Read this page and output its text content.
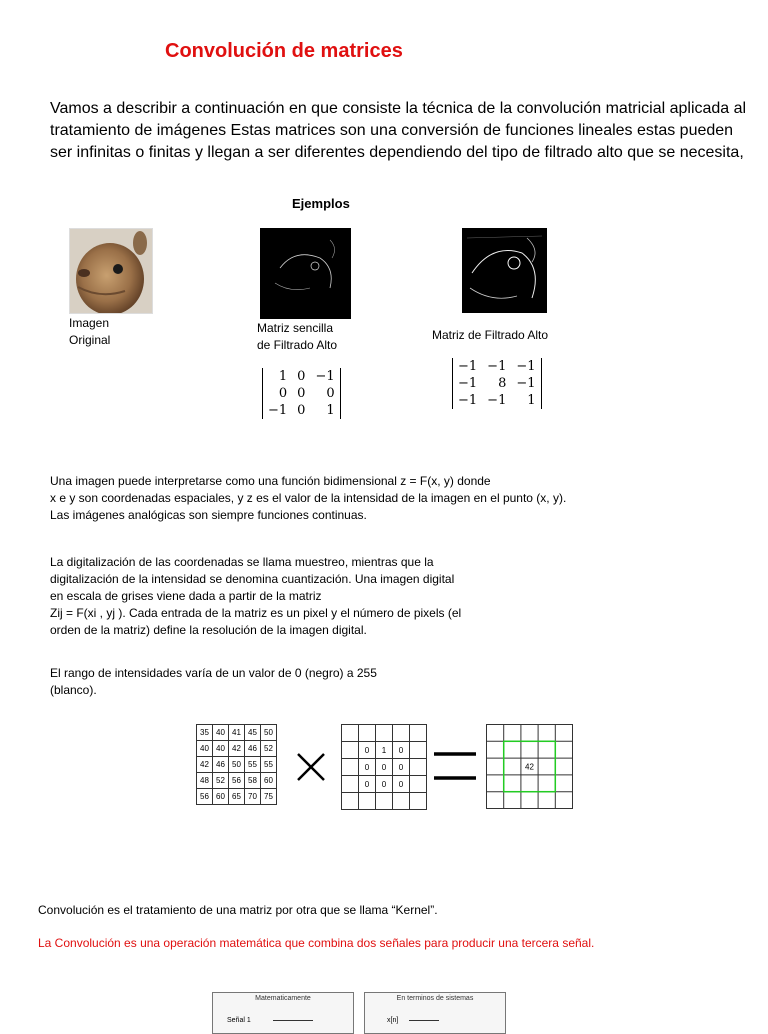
Convolución de matrices
Vamos a describir a continuación en que consiste la técnica de la convolución matricial aplicada al tratamiento de imágenes Estas matrices son una conversión de funciones lineales estas pueden ser infinitas o finitas y llegan a ser diferentes dependiendo del tipo de filtrado alto que se necesita,
Ejemplos
Imagen
Original
Matriz sencilla
de Filtrado Alto
Matriz de Filtrado Alto
1	0	−1
0	0	0
−1	0	1
−1	−1	−1
−1	8	−1
−1	−1	1
Una imagen puede interpretarse como una función bidimensional z = F(x, y) donde
x e y son coordenadas espaciales, y z es el valor de la intensidad de la imagen en el punto (x, y).
Las imágenes analógicas son siempre funciones continuas.
La digitalización de las coordenadas se llama muestreo, mientras que la
digitalización de la intensidad se denomina cuantización. Una imagen digital
en escala de grises viene dada a partir de la matriz
Zij = F(xi , yj ). Cada entrada de la matriz es un pixel y el número de pixels (el
orden de la matriz) define la resolución de la imagen digital.
El rango de intensidades varía de un valor de 0 (negro) a 255
(blanco).
35	40	41	45	50
40	40	42	46	52
42	46	50	55	55
48	52	56	58	60
56	60	65	70	75

	0	1	0	
	0	0	0	
	0	0	0	

42
Convolución es el tratamiento de una matriz por otra que se llama “Kernel”.
La Convolución es una operación matemática que combina dos señales para producir una tercera señal.
Matematicamente
Señal 1
En terminos de sistemas
x[n]
